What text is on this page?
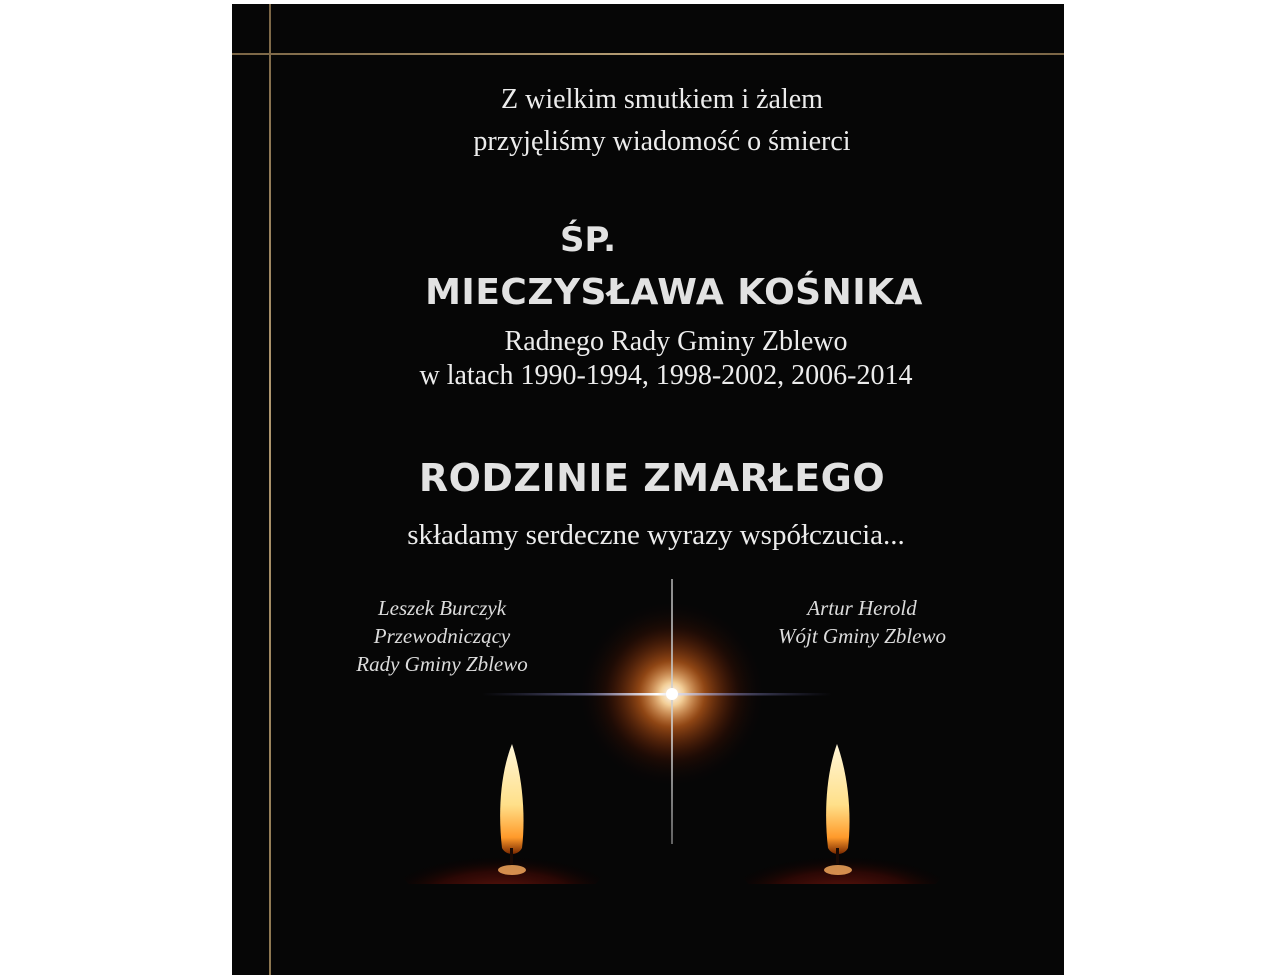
Z wielkim smutkiem i żalem
przyjęliśmy wiadomość o śmierci
ŚP.
MIECZYSŁAWA KOŚNIKA
Radnego Rady Gminy Zblewo
w latach 1990-1994, 1998-2002, 2006-2014
RODZINIE ZMARŁEGO
składamy serdeczne wyrazy współczucia...
Leszek Burczyk
Przewodniczący
Rady Gminy Zblewo
Artur Herold
Wójt Gminy Zblewo
